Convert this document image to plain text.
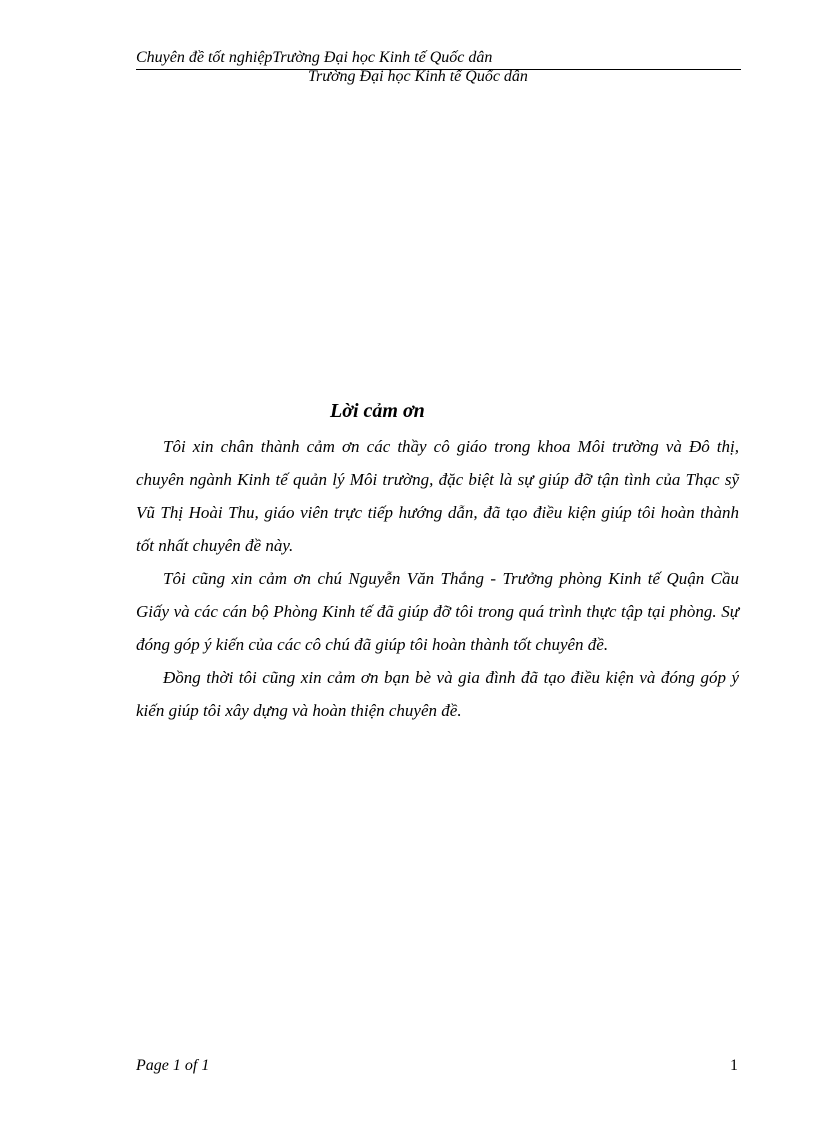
Chuyên đề tốt nghiệpTrường Đại học Kinh tế Quốc dân
Trường Đại học Kinh tế Quốc dân
Lời cảm ơn

Tôi xin chân thành cảm ơn các thầy cô giáo trong khoa Môi trường và Đô thị, chuyên ngành Kinh tế quản lý Môi trường, đặc biệt là sự giúp đỡ tận tình của Thạc sỹ Vũ Thị Hoài Thu, giáo viên trực tiếp hướng dẫn, đã tạo điều kiện giúp tôi hoàn thành tốt nhất chuyên đề này.

Tôi cũng xin cảm ơn chú Nguyễn Văn Thắng - Trưởng phòng Kinh tế Quận Cầu Giấy và các cán bộ Phòng Kinh tế đã giúp đỡ tôi trong quá trình thực tập tại phòng. Sự đóng góp ý kiến của các cô chú đã giúp tôi hoàn thành tốt chuyên đề.

Đồng thời tôi cũng xin cảm ơn bạn bè và gia đình đã tạo điều kiện và đóng góp ý kiến giúp tôi xây dựng và hoàn thiện chuyên đề.

Page 1 of 1	1
